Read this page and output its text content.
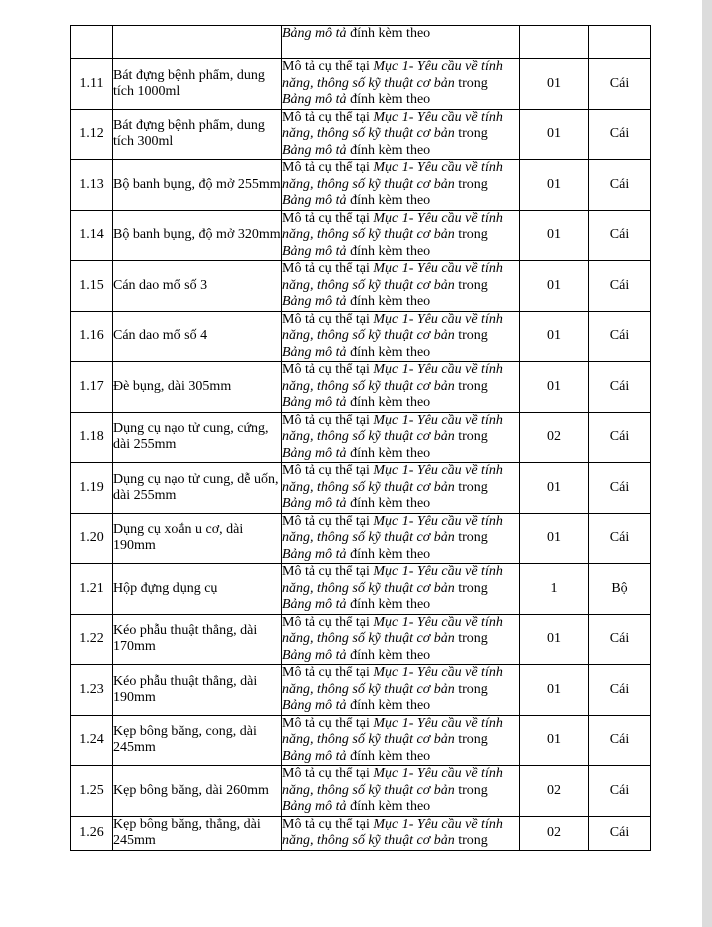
		Bảng mô tả đính kèm theo		
1.11	Bát đựng bệnh phẩm, dung tích 1000ml	Mô tả cụ thể tại Mục 1- Yêu cầu về tính năng, thông số kỹ thuật cơ bản trong Bảng mô tả đính kèm theo	01	Cái
1.12	Bát đựng bệnh phẩm, dung tích 300ml	Mô tả cụ thể tại Mục 1- Yêu cầu về tính năng, thông số kỹ thuật cơ bản trong Bảng mô tả đính kèm theo	01	Cái
1.13	Bộ banh bụng, độ mở 255mm	Mô tả cụ thể tại Mục 1- Yêu cầu về tính năng, thông số kỹ thuật cơ bản trong Bảng mô tả đính kèm theo	01	Cái
1.14	Bộ banh bụng, độ mở 320mm	Mô tả cụ thể tại Mục 1- Yêu cầu về tính năng, thông số kỹ thuật cơ bản trong Bảng mô tả đính kèm theo	01	Cái
1.15	Cán dao mổ số 3	Mô tả cụ thể tại Mục 1- Yêu cầu về tính năng, thông số kỹ thuật cơ bản trong Bảng mô tả đính kèm theo	01	Cái
1.16	Cán dao mổ số 4	Mô tả cụ thể tại Mục 1- Yêu cầu về tính năng, thông số kỹ thuật cơ bản trong Bảng mô tả đính kèm theo	01	Cái
1.17	Đè bụng, dài 305mm	Mô tả cụ thể tại Mục 1- Yêu cầu về tính năng, thông số kỹ thuật cơ bản trong Bảng mô tả đính kèm theo	01	Cái
1.18	Dụng cụ nạo tử cung, cứng, dài 255mm	Mô tả cụ thể tại Mục 1- Yêu cầu về tính năng, thông số kỹ thuật cơ bản trong Bảng mô tả đính kèm theo	02	Cái
1.19	Dụng cụ nạo tử cung, dễ uốn, dài 255mm	Mô tả cụ thể tại Mục 1- Yêu cầu về tính năng, thông số kỹ thuật cơ bản trong Bảng mô tả đính kèm theo	01	Cái
1.20	Dụng cụ xoắn u cơ, dài 190mm	Mô tả cụ thể tại Mục 1- Yêu cầu về tính năng, thông số kỹ thuật cơ bản trong Bảng mô tả đính kèm theo	01	Cái
1.21	Hộp đựng dụng cụ	Mô tả cụ thể tại Mục 1- Yêu cầu về tính năng, thông số kỹ thuật cơ bản trong Bảng mô tả đính kèm theo	1	Bộ
1.22	Kéo phẫu thuật thẳng, dài 170mm	Mô tả cụ thể tại Mục 1- Yêu cầu về tính năng, thông số kỹ thuật cơ bản trong Bảng mô tả đính kèm theo	01	Cái
1.23	Kéo phẫu thuật thẳng, dài 190mm	Mô tả cụ thể tại Mục 1- Yêu cầu về tính năng, thông số kỹ thuật cơ bản trong Bảng mô tả đính kèm theo	01	Cái
1.24	Kẹp bông băng, cong, dài 245mm	Mô tả cụ thể tại Mục 1- Yêu cầu về tính năng, thông số kỹ thuật cơ bản trong Bảng mô tả đính kèm theo	01	Cái
1.25	Kẹp bông băng, dài 260mm	Mô tả cụ thể tại Mục 1- Yêu cầu về tính năng, thông số kỹ thuật cơ bản trong Bảng mô tả đính kèm theo	02	Cái
1.26	Kẹp bông băng, thẳng, dài 245mm	Mô tả cụ thể tại Mục 1- Yêu cầu về tính năng, thông số kỹ thuật cơ bản trong	02	Cái
